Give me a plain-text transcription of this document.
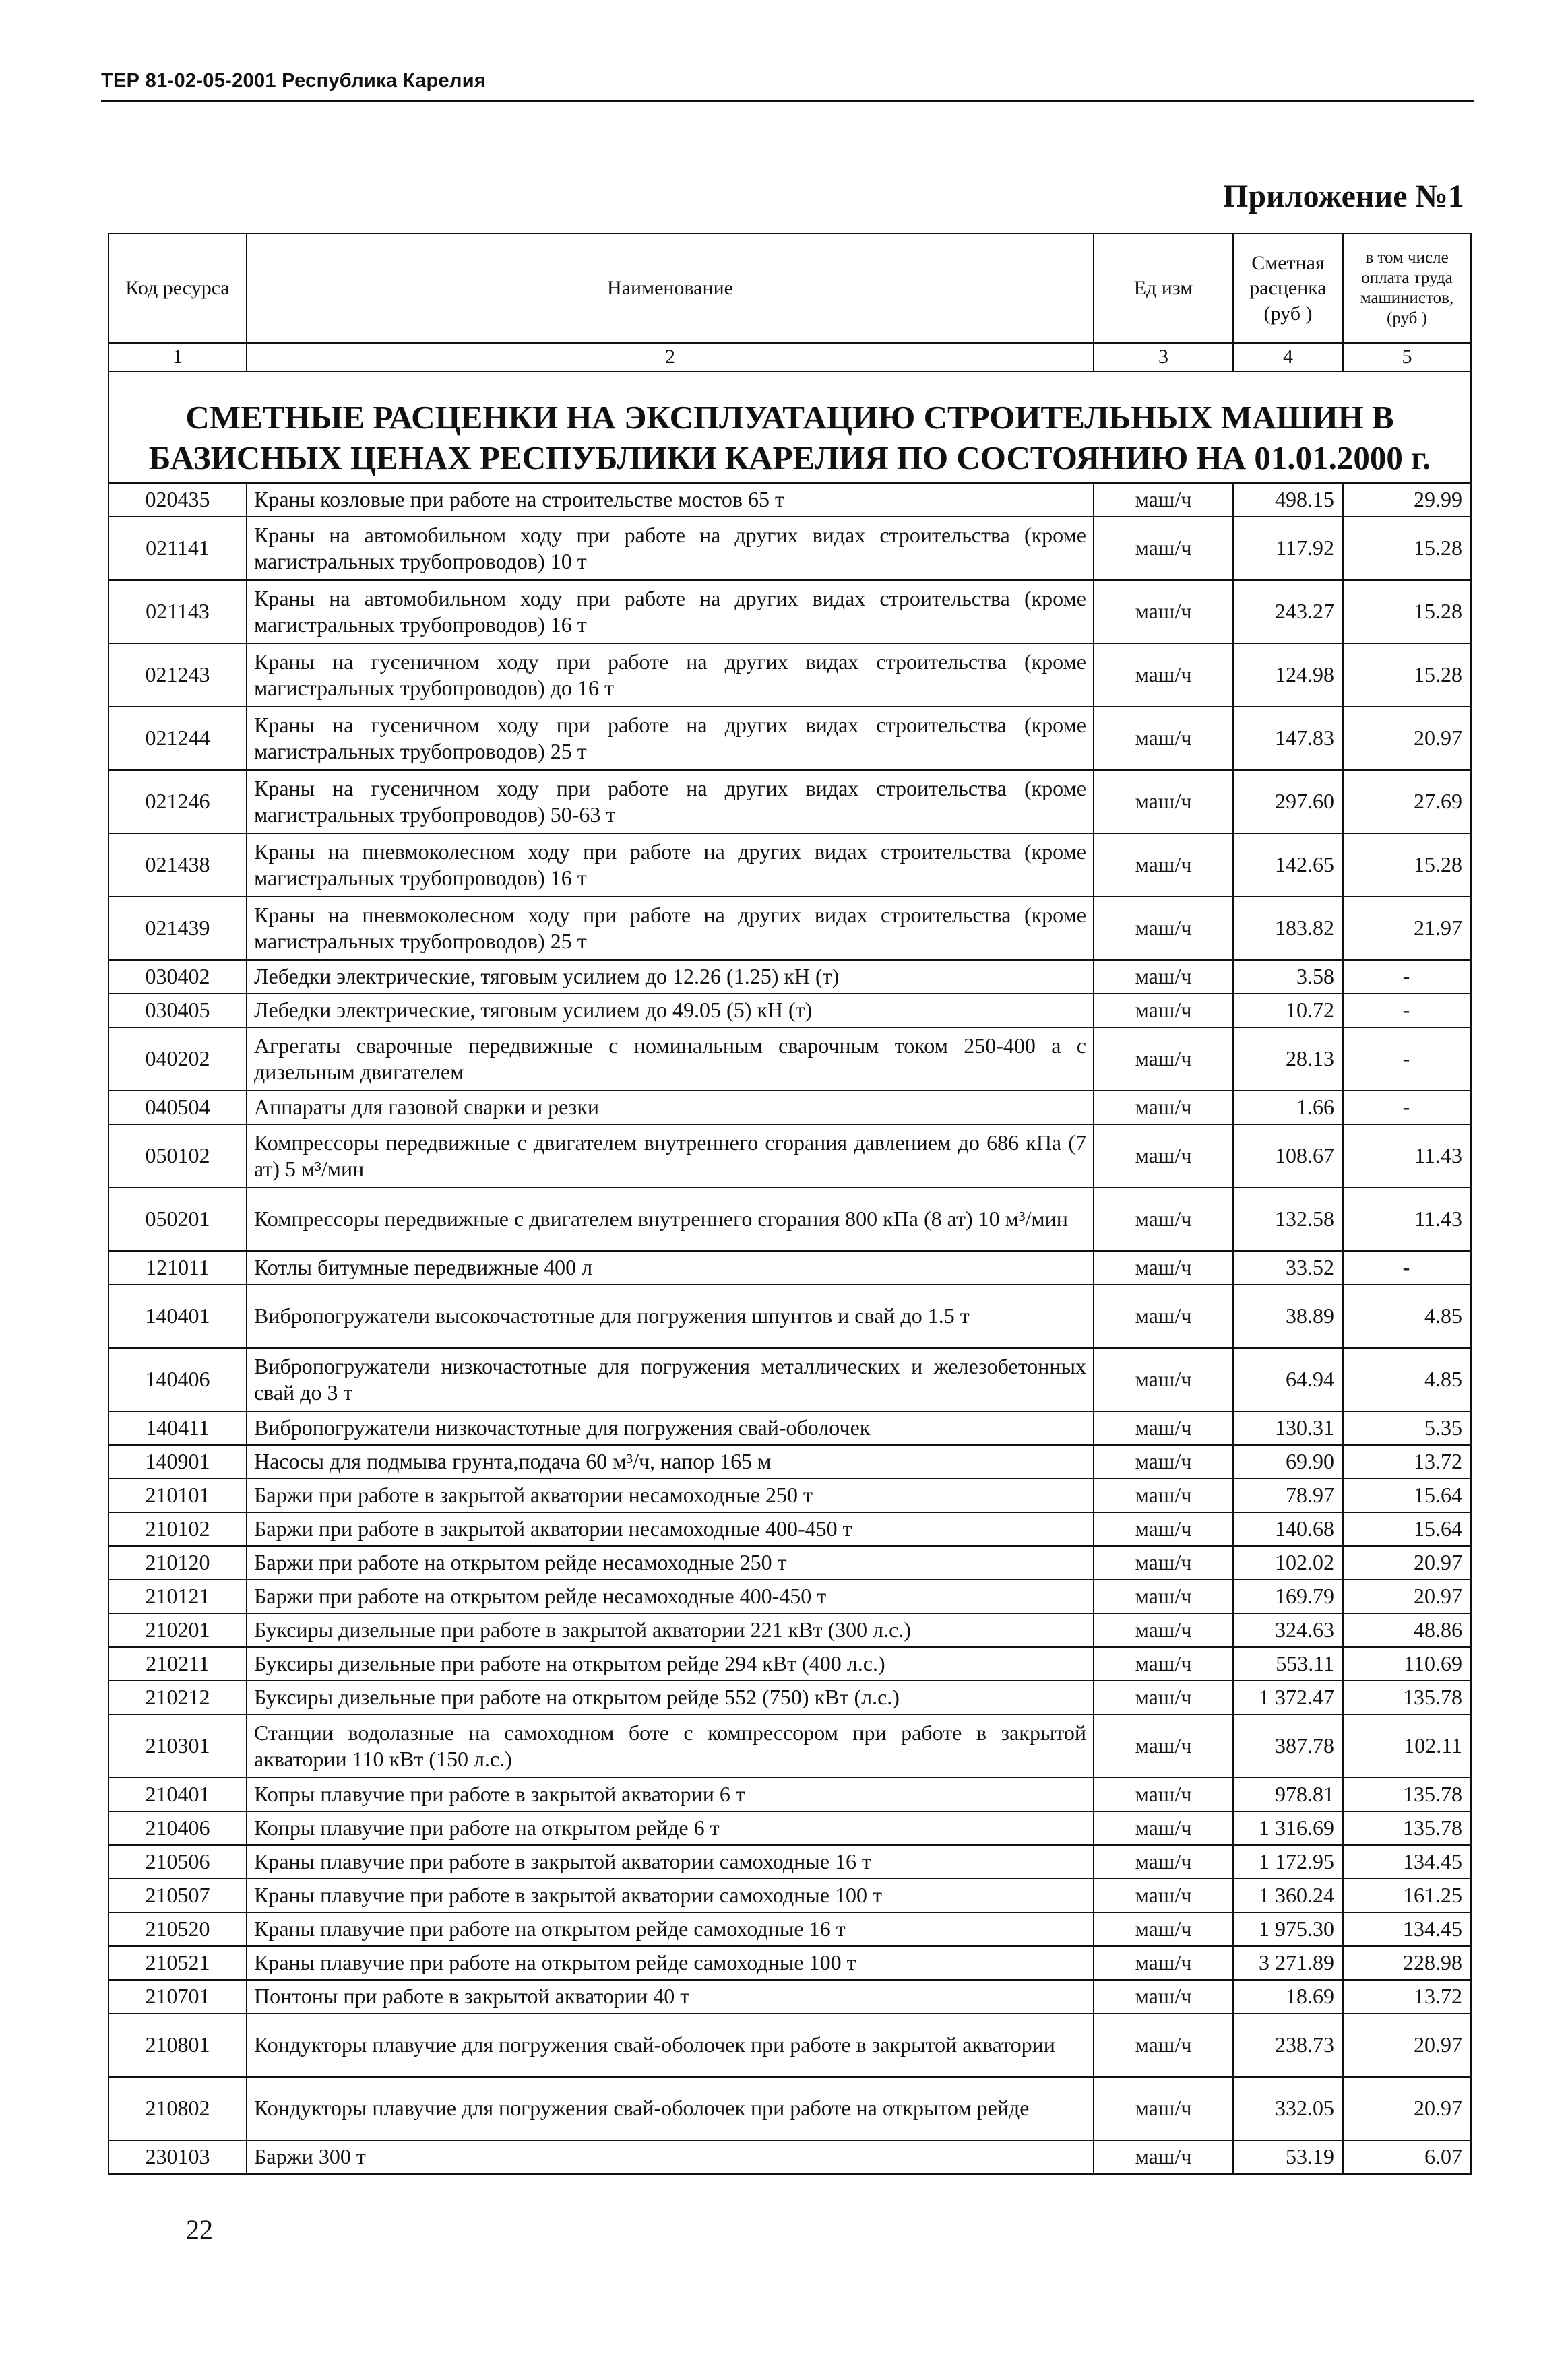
ТЕР 81-02-05-2001 Республика Карелия
Приложение №1
Код ресурса	Наименование	Ед изм	Сметная расценка (руб )	в том числе оплата труда машинистов, (руб )
1	2	3	4	5
СМЕТНЫЕ РАСЦЕНКИ НА ЭКСПЛУАТАЦИЮ СТРОИТЕЛЬНЫХ МАШИН В БАЗИСНЫХ ЦЕНАХ РЕСПУБЛИКИ КАРЕЛИЯ ПО СОСТОЯНИЮ НА 01.01.2000 г.				
020435	Краны козловые при работе на строительстве мостов 65 т	маш/ч	498.15	29.99
021141	Краны на автомобильном ходу при работе на других видах строительства (кроме магистральных трубопроводов) 10 т	маш/ч	117.92	15.28
021143	Краны на автомобильном ходу при работе на других видах строительства (кроме магистральных трубопроводов) 16 т	маш/ч	243.27	15.28
021243	Краны на гусеничном ходу при работе на других видах строительства (кроме магистральных трубопроводов) до 16 т	маш/ч	124.98	15.28
021244	Краны на гусеничном ходу при работе на других видах строительства (кроме магистральных трубопроводов) 25 т	маш/ч	147.83	20.97
021246	Краны на гусеничном ходу при работе на других видах строительства (кроме магистральных трубопроводов) 50-63 т	маш/ч	297.60	27.69
021438	Краны на пневмоколесном ходу при работе на других видах строительства (кроме магистральных трубопроводов) 16 т	маш/ч	142.65	15.28
021439	Краны на пневмоколесном ходу при работе на других видах строительства (кроме магистральных трубопроводов) 25 т	маш/ч	183.82	21.97
030402	Лебедки электрические, тяговым усилием до 12.26 (1.25) кН (т)	маш/ч	3.58	-
030405	Лебедки электрические, тяговым усилием до 49.05 (5) кН (т)	маш/ч	10.72	-
040202	Агрегаты сварочные передвижные с номинальным сварочным током 250-400 а с дизельным двигателем	маш/ч	28.13	-
040504	Аппараты для газовой сварки и резки	маш/ч	1.66	-
050102	Компрессоры передвижные с двигателем внутреннего сгорания давлением до 686 кПа (7 ат) 5 м³/мин	маш/ч	108.67	11.43
050201	Компрессоры передвижные с двигателем внутреннего сгорания 800 кПа (8 ат) 10 м³/мин	маш/ч	132.58	11.43
121011	Котлы битумные передвижные 400 л	маш/ч	33.52	-
140401	Вибропогружатели высокочастотные для погружения шпунтов и свай до 1.5 т	маш/ч	38.89	4.85
140406	Вибропогружатели низкочастотные для погружения металлических и железобетонных свай до 3 т	маш/ч	64.94	4.85
140411	Вибропогружатели низкочастотные для погружения свай-оболочек	маш/ч	130.31	5.35
140901	Насосы для подмыва грунта,подача 60 м³/ч, напор 165 м	маш/ч	69.90	13.72
210101	Баржи при работе в закрытой акватории несамоходные 250 т	маш/ч	78.97	15.64
210102	Баржи при работе в закрытой акватории несамоходные 400-450 т	маш/ч	140.68	15.64
210120	Баржи при работе на открытом рейде несамоходные 250 т	маш/ч	102.02	20.97
210121	Баржи при работе на открытом рейде несамоходные 400-450 т	маш/ч	169.79	20.97
210201	Буксиры дизельные при работе в закрытой акватории 221 кВт (300 л.с.)	маш/ч	324.63	48.86
210211	Буксиры дизельные при работе на открытом рейде 294 кВт (400 л.с.)	маш/ч	553.11	110.69
210212	Буксиры дизельные при работе на открытом рейде 552 (750) кВт (л.с.)	маш/ч	1 372.47	135.78
210301	Станции водолазные на самоходном боте с компрессором при работе в закрытой акватории 110 кВт (150 л.с.)	маш/ч	387.78	102.11
210401	Копры плавучие при работе в закрытой акватории 6 т	маш/ч	978.81	135.78
210406	Копры плавучие при работе на открытом рейде 6 т	маш/ч	1 316.69	135.78
210506	Краны плавучие при работе в закрытой акватории самоходные 16 т	маш/ч	1 172.95	134.45
210507	Краны плавучие при работе в закрытой акватории самоходные 100 т	маш/ч	1 360.24	161.25
210520	Краны плавучие при работе на открытом рейде самоходные 16 т	маш/ч	1 975.30	134.45
210521	Краны плавучие при работе на открытом рейде самоходные 100 т	маш/ч	3 271.89	228.98
210701	Понтоны при работе в закрытой акватории 40 т	маш/ч	18.69	13.72
210801	Кондукторы плавучие для погружения свай-оболочек при работе в закрытой акватории	маш/ч	238.73	20.97
210802	Кондукторы плавучие для погружения свай-оболочек при работе на открытом рейде	маш/ч	332.05	20.97
230103	Баржи 300 т	маш/ч	53.19	6.07
22
